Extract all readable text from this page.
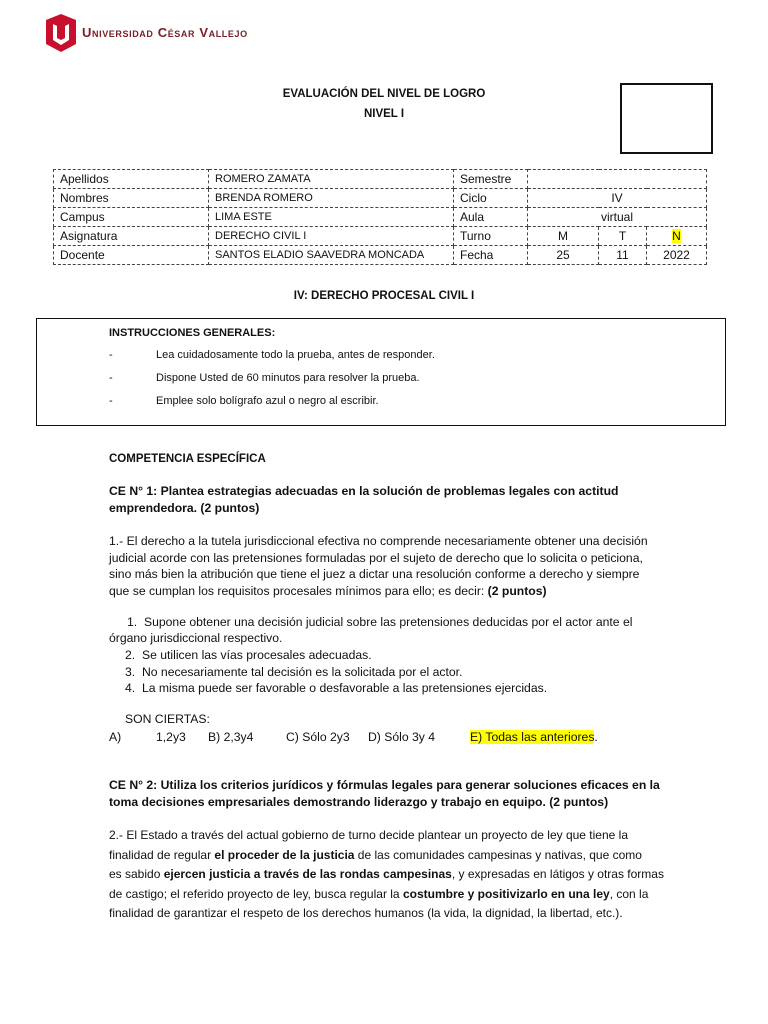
Universidad César Vallejo
EVALUACIÓN DEL NIVEL DE LOGRO
NIVEL I
Apellidos	ROMERO ZAMATA	Semestre			
Nombres	BRENDA ROMERO	Ciclo	IV		
Campus	LIMA ESTE	Aula	virtual		
Asignatura	DERECHO CIVIL I	Turno	M	T	N
Docente	SANTOS ELADIO SAAVEDRA MONCADA	Fecha	25	11	2022
IV: DERECHO PROCESAL CIVIL I
INSTRUCCIONES GENERALES:
-	Lea cuidadosamente todo la prueba, antes de responder.
-	Dispone Usted de 60 minutos para resolver la prueba.
-	Emplee solo bolígrafo azul o negro al escribir.
COMPETENCIA ESPECÍFICA
CE N° 1: Plantea estrategias adecuadas en la solución de problemas legales con actitud
emprendedora. (2 puntos)
1.- El derecho a la tutela jurisdiccional efectiva no comprende necesariamente obtener una decisión
judicial acorde con las pretensiones formuladas por el sujeto de derecho que lo solicita o peticiona,
sino más bien la atribución que tiene el juez a dictar una resolución conforme a derecho y siempre
que se cumplan los requisitos procesales mínimos para ello; es decir: (2 puntos)
1. Supone obtener una decisión judicial sobre las pretensiones deducidas por el actor ante el
órgano jurisdiccional respectivo.
2. Se utilicen las vías procesales adecuadas.
3. No necesariamente tal decisión es la solicitada por el actor.
4. La misma puede ser favorable o desfavorable a las pretensiones ejercidas.
SON CIERTAS:
A)	1,2y3 B) 2,3y4	C) Sólo 2y3 D) Sólo 3y 4	E) Todas las anteriores.
CE N° 2: Utiliza los criterios jurídicos y fórmulas legales para generar soluciones eficaces en la
toma decisiones empresariales demostrando liderazgo y trabajo en equipo. (2 puntos)
2.- El Estado a través del actual gobierno de turno decide plantear un proyecto de ley que tiene la
finalidad de regular el proceder de la justicia de las comunidades campesinas y nativas, que como
es sabido ejercen justicia a través de las rondas campesinas, y expresadas en látigos y otras formas
de castigo; el referido proyecto de ley, busca regular la costumbre y positivizarlo en una ley, con la
finalidad de garantizar el respeto de los derechos humanos (la vida, la dignidad, la libertad, etc.).
